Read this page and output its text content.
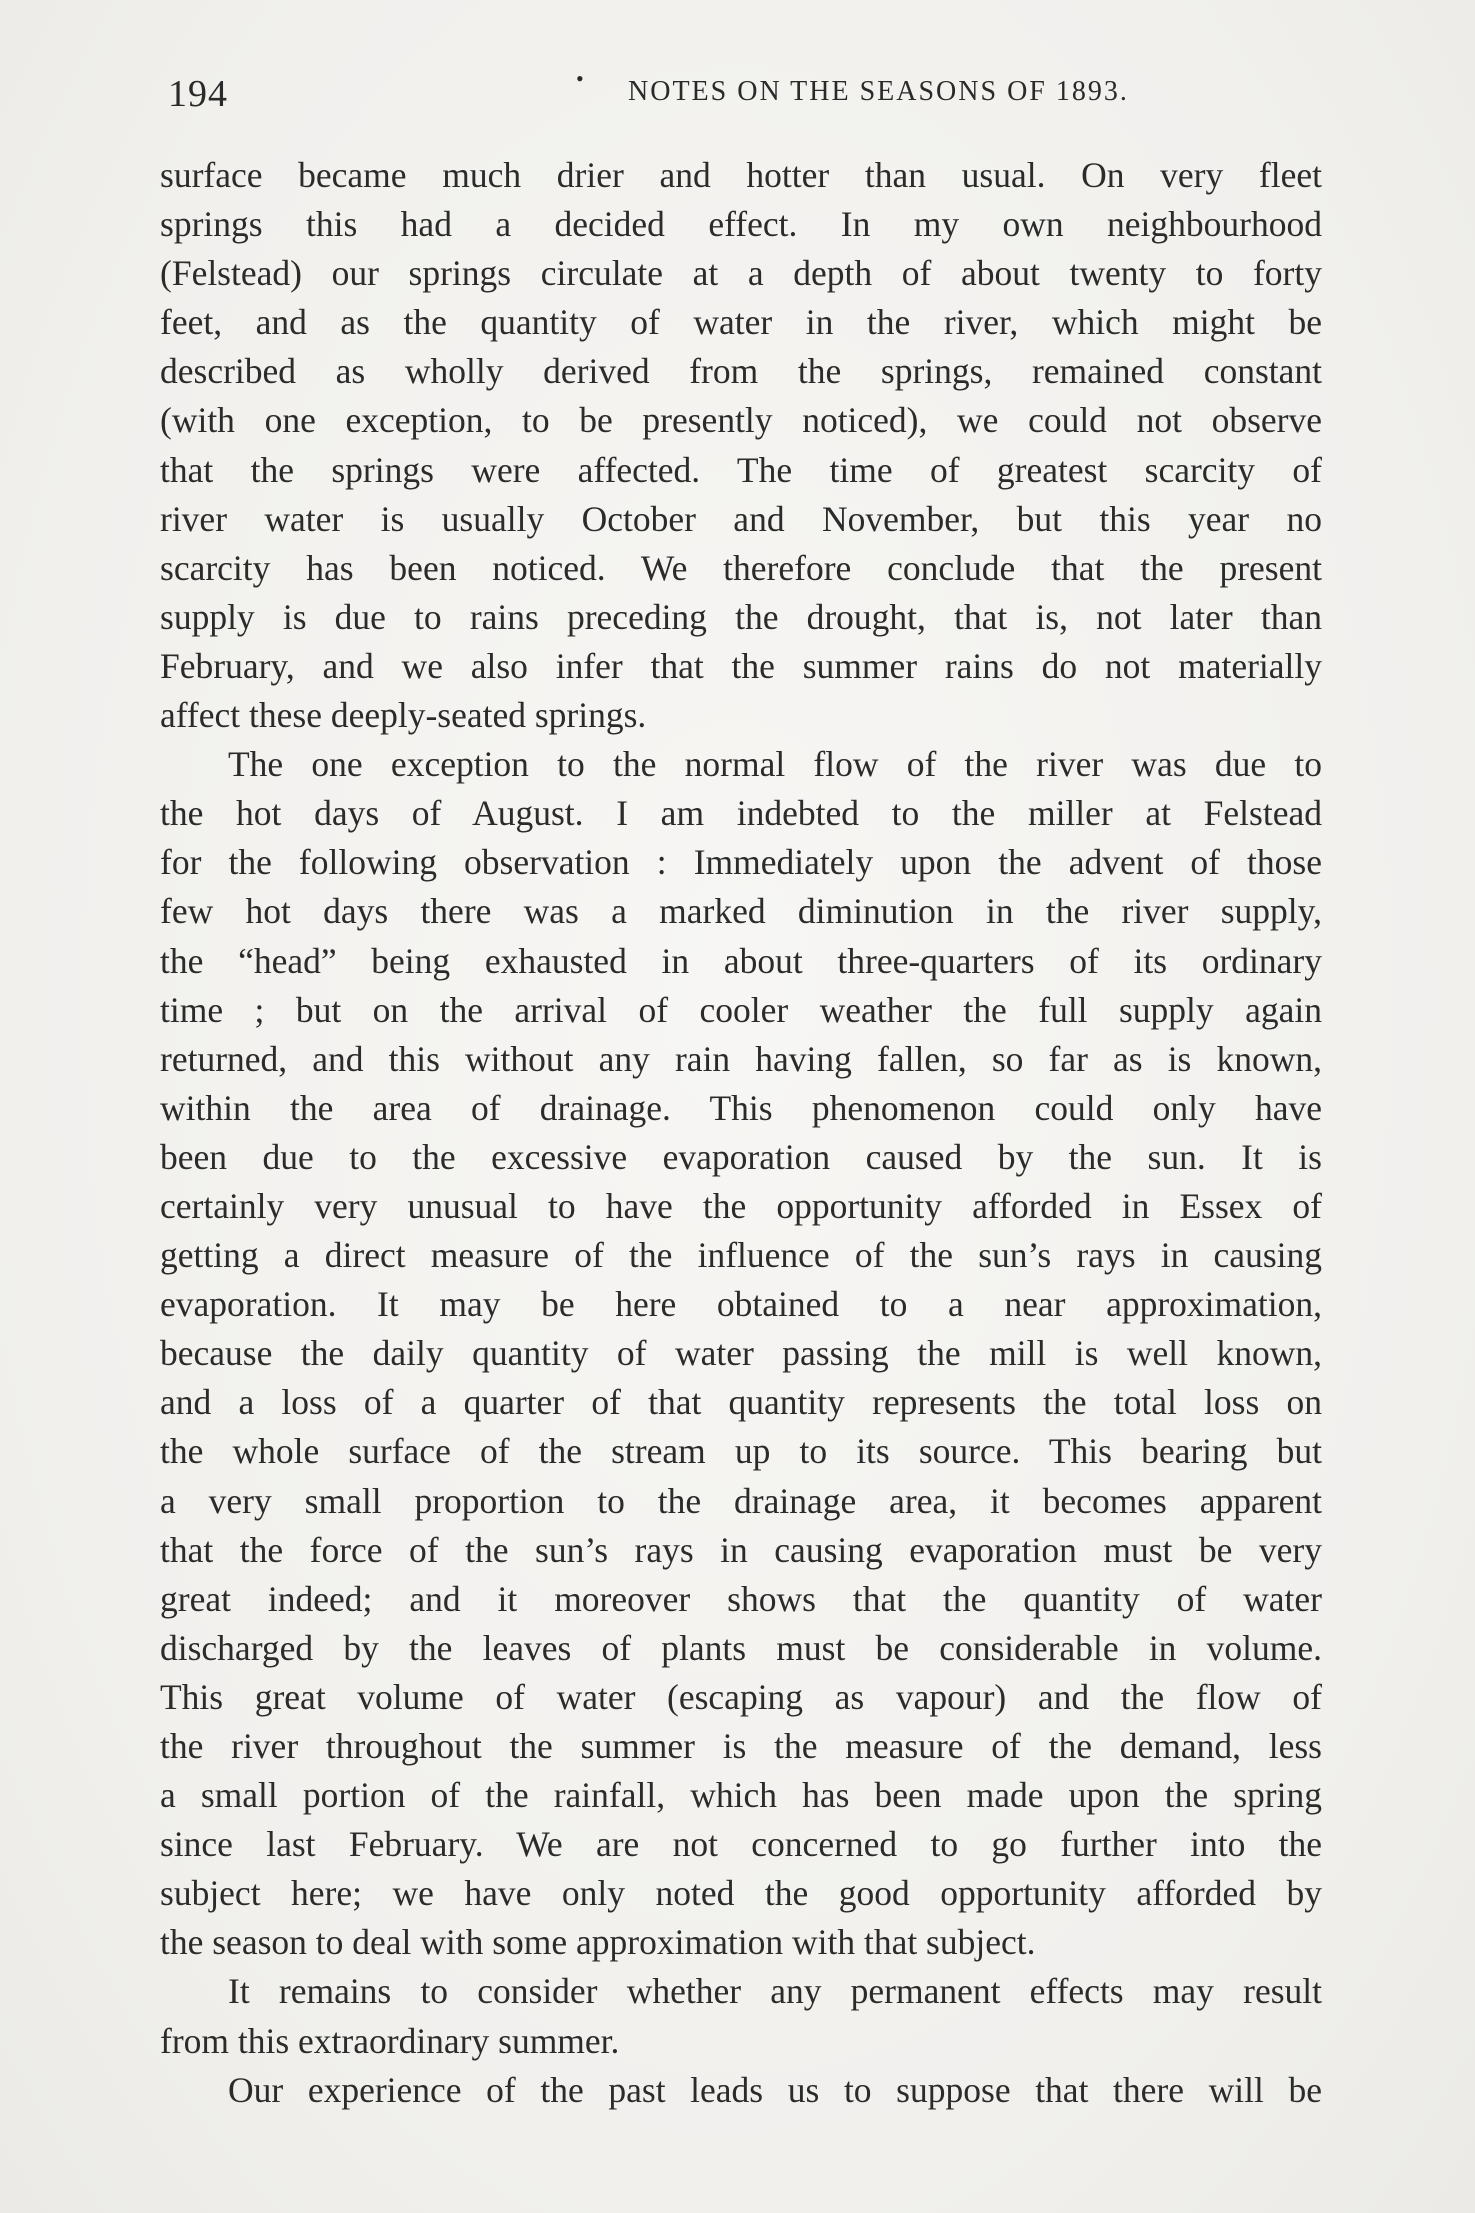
194	• NOTES ON THE SEASONS OF 1893.
surface became much drier and hotter than usual. On very fleet
springs this had a decided effect. In my own neighbourhood
(Felstead) our springs circulate at a depth of about twenty to forty
feet, and as the quantity of water in the river, which might be
described as wholly derived from the springs, remained constant
(with one exception, to be presently noticed), we could not observe
that the springs were affected. The time of greatest scarcity of
river water is usually October and November, but this year no
scarcity has been noticed. We therefore conclude that the present
supply is due to rains preceding the drought, that is, not later than
February, and we also infer that the summer rains do not materially
affect these deeply-seated springs.
The one exception to the normal flow of the river was due to
the hot days of August. I am indebted to the miller at Felstead
for the following observation : Immediately upon the advent of those
few hot days there was a marked diminution in the river supply,
the “head” being exhausted in about three-quarters of its ordinary
time ; but on the arrival of cooler weather the full supply again
returned, and this without any rain having fallen, so far as is known,
within the area of drainage. This phenomenon could only have
been due to the excessive evaporation caused by the sun. It is
certainly very unusual to have the opportunity afforded in Essex of
getting a direct measure of the influence of the sun’s rays in causing
evaporation. It may be here obtained to a near approximation,
because the daily quantity of water passing the mill is well known,
and a loss of a quarter of that quantity represents the total loss on
the whole surface of the stream up to its source. This bearing but
a very small proportion to the drainage area, it becomes apparent
that the force of the sun’s rays in causing evaporation must be very
great indeed; and it moreover shows that the quantity of water
discharged by the leaves of plants must be considerable in volume.
This great volume of water (escaping as vapour) and the flow of
the river throughout the summer is the measure of the demand, less
a small portion of the rainfall, which has been made upon the spring
since last February. We are not concerned to go further into the
subject here; we have only noted the good opportunity afforded by
the season to deal with some approximation with that subject.
It remains to consider whether any permanent effects may result
from this extraordinary summer.
Our experience of the past leads us to suppose that there will be
